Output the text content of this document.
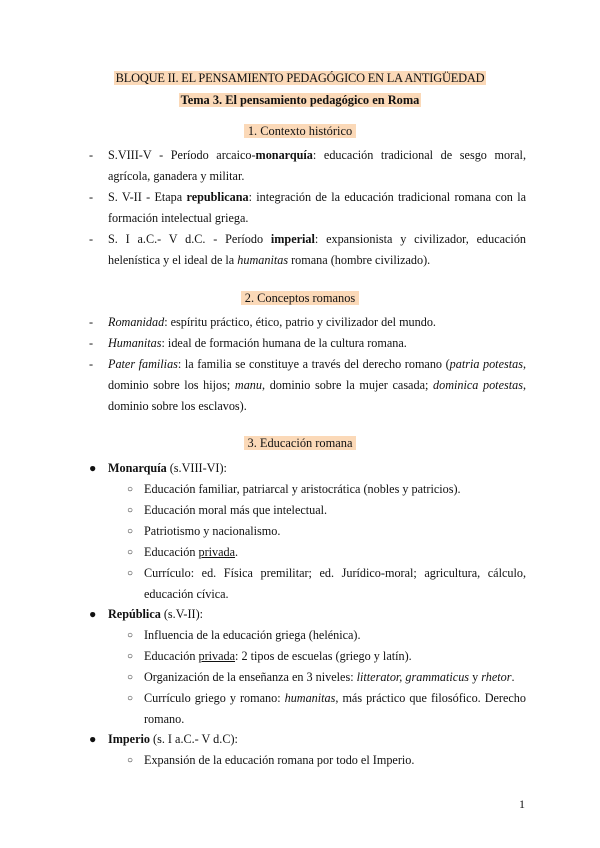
BLOQUE II. EL PENSAMIENTO PEDAGÓGICO EN LA ANTIGÜEDAD
Tema 3. El pensamiento pedagógico en Roma
1. Contexto histórico
-	S.VIII-V - Período arcaico-monarquía: educación tradicional de sesgo moral, agrícola, ganadera y militar.
-	S. V-II - Etapa republicana: integración de la educación tradicional romana con la formación intelectual griega.
-	S. I a.C.- V d.C. - Período imperial: expansionista y civilizador, educación helenística y el ideal de la humanitas romana (hombre civilizado).
2. Conceptos romanos
-	Romanidad: espíritu práctico, ético, patrio y civilizador del mundo.
-	Humanitas: ideal de formación humana de la cultura romana.
-	Pater familias: la familia se constituye a través del derecho romano (patria potestas, dominio sobre los hijos; manu, dominio sobre la mujer casada; dominica potestas, dominio sobre los esclavos).
3. Educación romana
● Monarquía (s.VIII-VI):
○ Educación familiar, patriarcal y aristocrática (nobles y patricios).
○ Educación moral más que intelectual.
○ Patriotismo y nacionalismo.
○ Educación privada.
○ Currículo: ed. Física premilitar; ed. Jurídico-moral; agricultura, cálculo, educación cívica.
● República (s.V-II):
○ Influencia de la educación griega (helénica).
○ Educación privada: 2 tipos de escuelas (griego y latín).
○ Organización de la enseñanza en 3 niveles: litterator, grammaticus y rhetor.
○ Currículo griego y romano: humanitas, más práctico que filosófico. Derecho romano.
● Imperio (s. I a.C.- V d.C):
○ Expansión de la educación romana por todo el Imperio.
1
